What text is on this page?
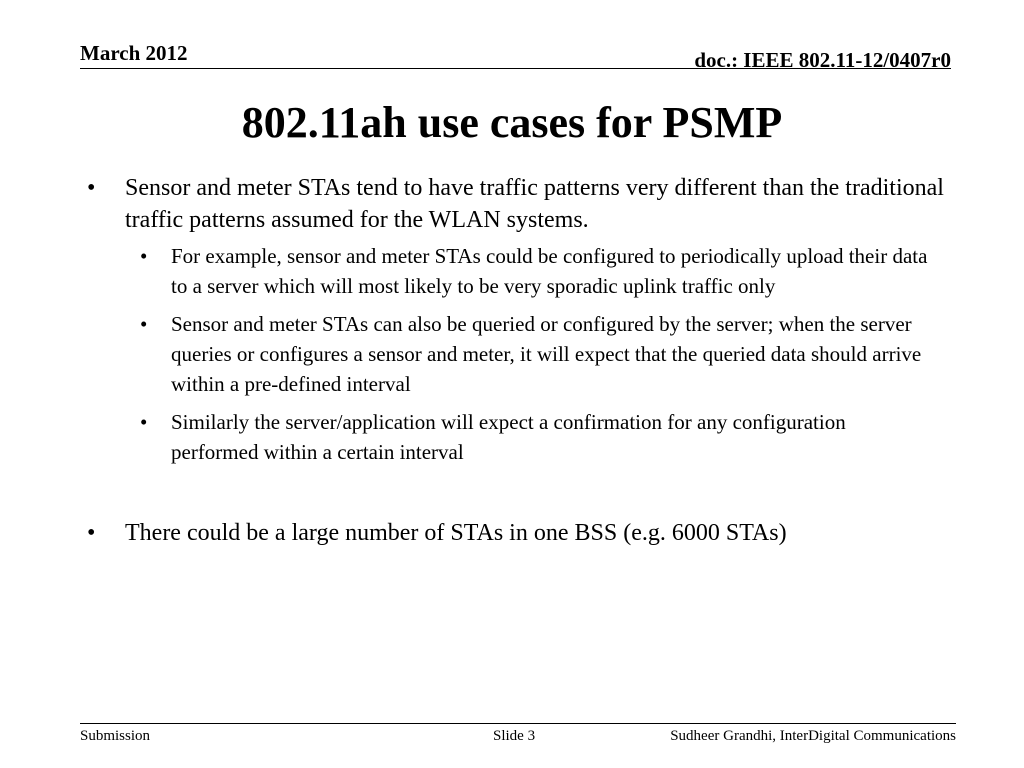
March 2012	doc.: IEEE 802.11-12/0407r0
802.11ah use cases for PSMP
• Sensor and meter STAs tend to have traffic patterns very different than the traditional traffic patterns assumed for the WLAN systems.
• For example, sensor and meter STAs could be configured to periodically upload their data to a server which will most likely to be very sporadic uplink traffic only
• Sensor and meter STAs can also be queried or configured by the server; when the server queries or configures a sensor and meter, it will expect that the queried data should arrive within a pre-defined interval
• Similarly the server/application will expect a confirmation for any configuration performed within a certain interval
• There could be a large number of STAs in one BSS (e.g. 6000 STAs)
Submission	Slide 3	Sudheer Grandhi, InterDigital Communications
